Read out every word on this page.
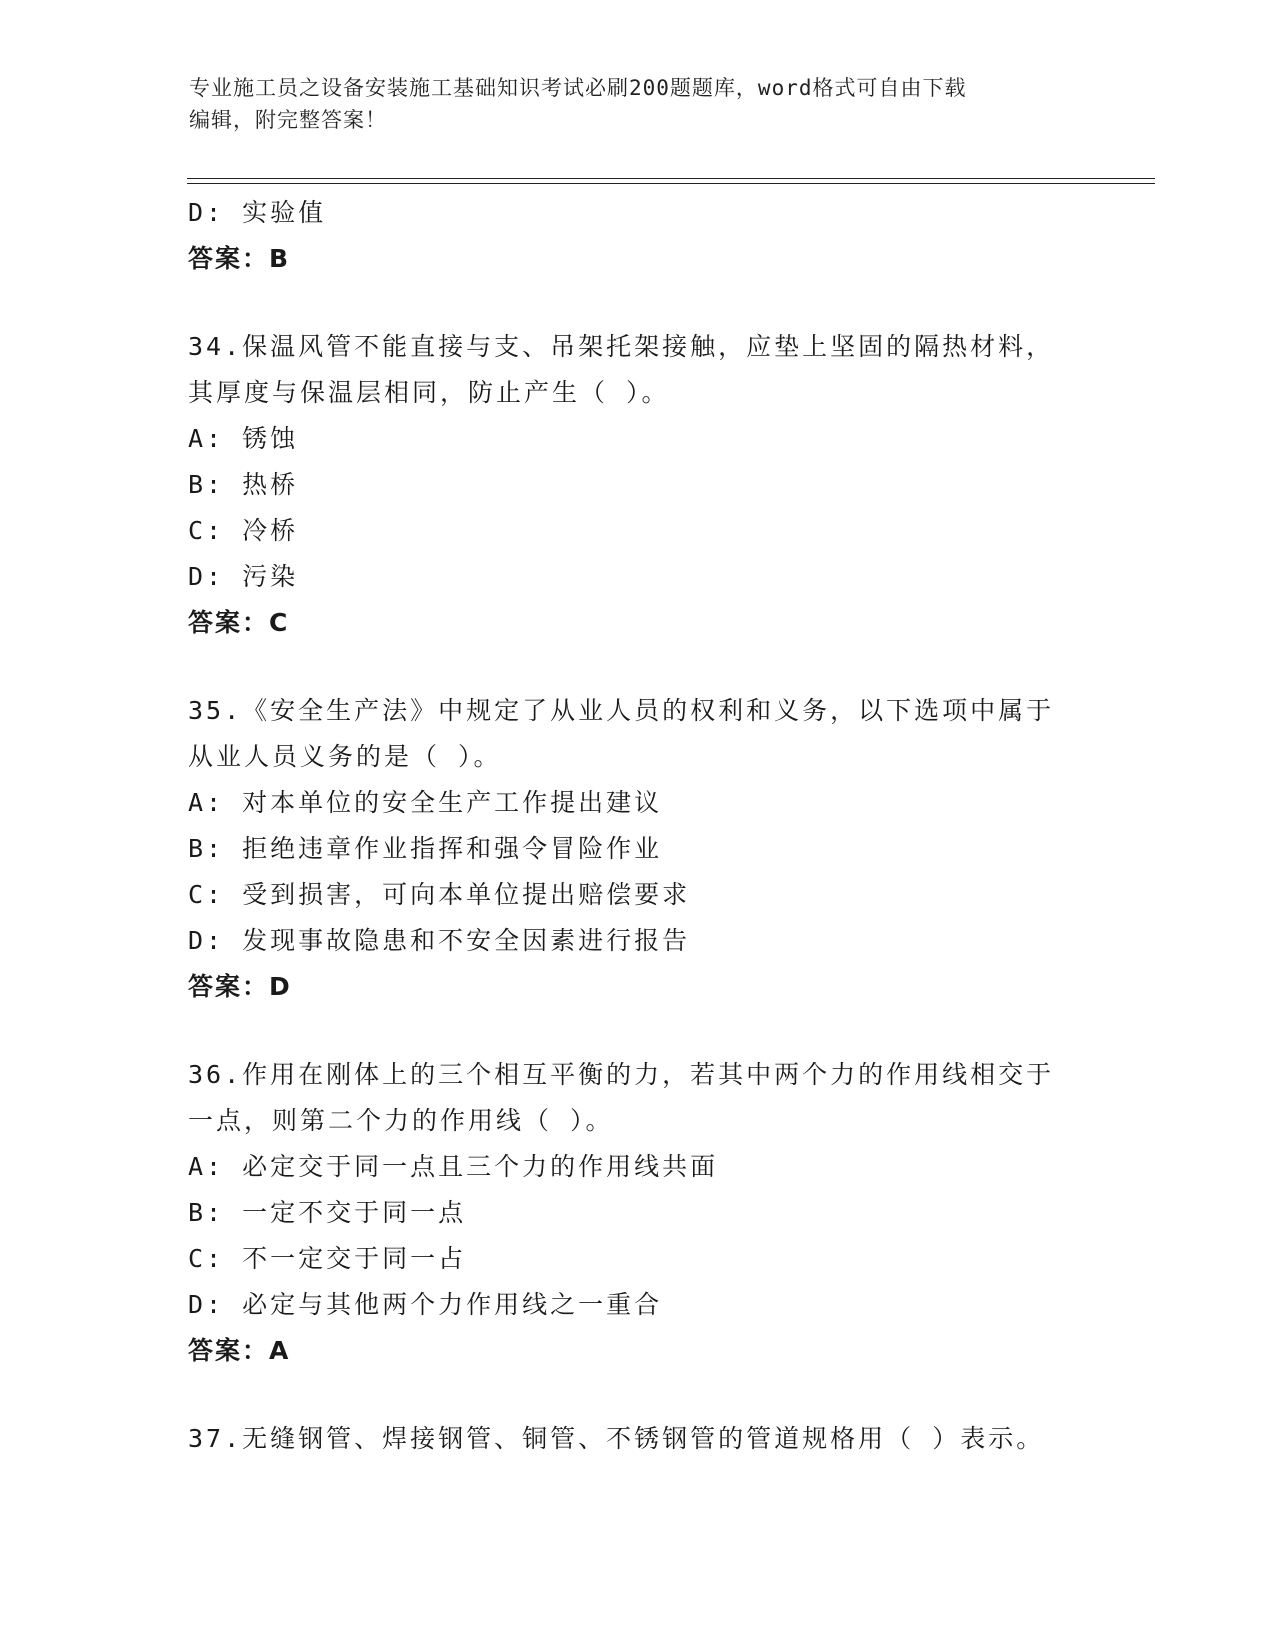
专业施工员之设备安装施工基础知识考试必刷200题题库，word格式可自由下载
编辑，附完整答案！
D: 实验值
答案：B
34.保温风管不能直接与支、吊架托架接触，应垫上坚固的隔热材料，
其厚度与保温层相同，防止产生（ ）。
A: 锈蚀
B: 热桥
C: 冷桥
D: 污染
答案：C
35.《安全生产法》中规定了从业人员的权利和义务，以下选项中属于
从业人员义务的是（ ）。
A: 对本单位的安全生产工作提出建议
B: 拒绝违章作业指挥和强令冒险作业
C: 受到损害，可向本单位提出赔偿要求
D: 发现事故隐患和不安全因素进行报告
答案：D
36.作用在刚体上的三个相互平衡的力，若其中两个力的作用线相交于
一点，则第二个力的作用线（ ）。
A: 必定交于同一点且三个力的作用线共面
B: 一定不交于同一点
C: 不一定交于同一占
D: 必定与其他两个力作用线之一重合
答案：A
37.无缝钢管、焊接钢管、铜管、不锈钢管的管道规格用（ ）表示。
